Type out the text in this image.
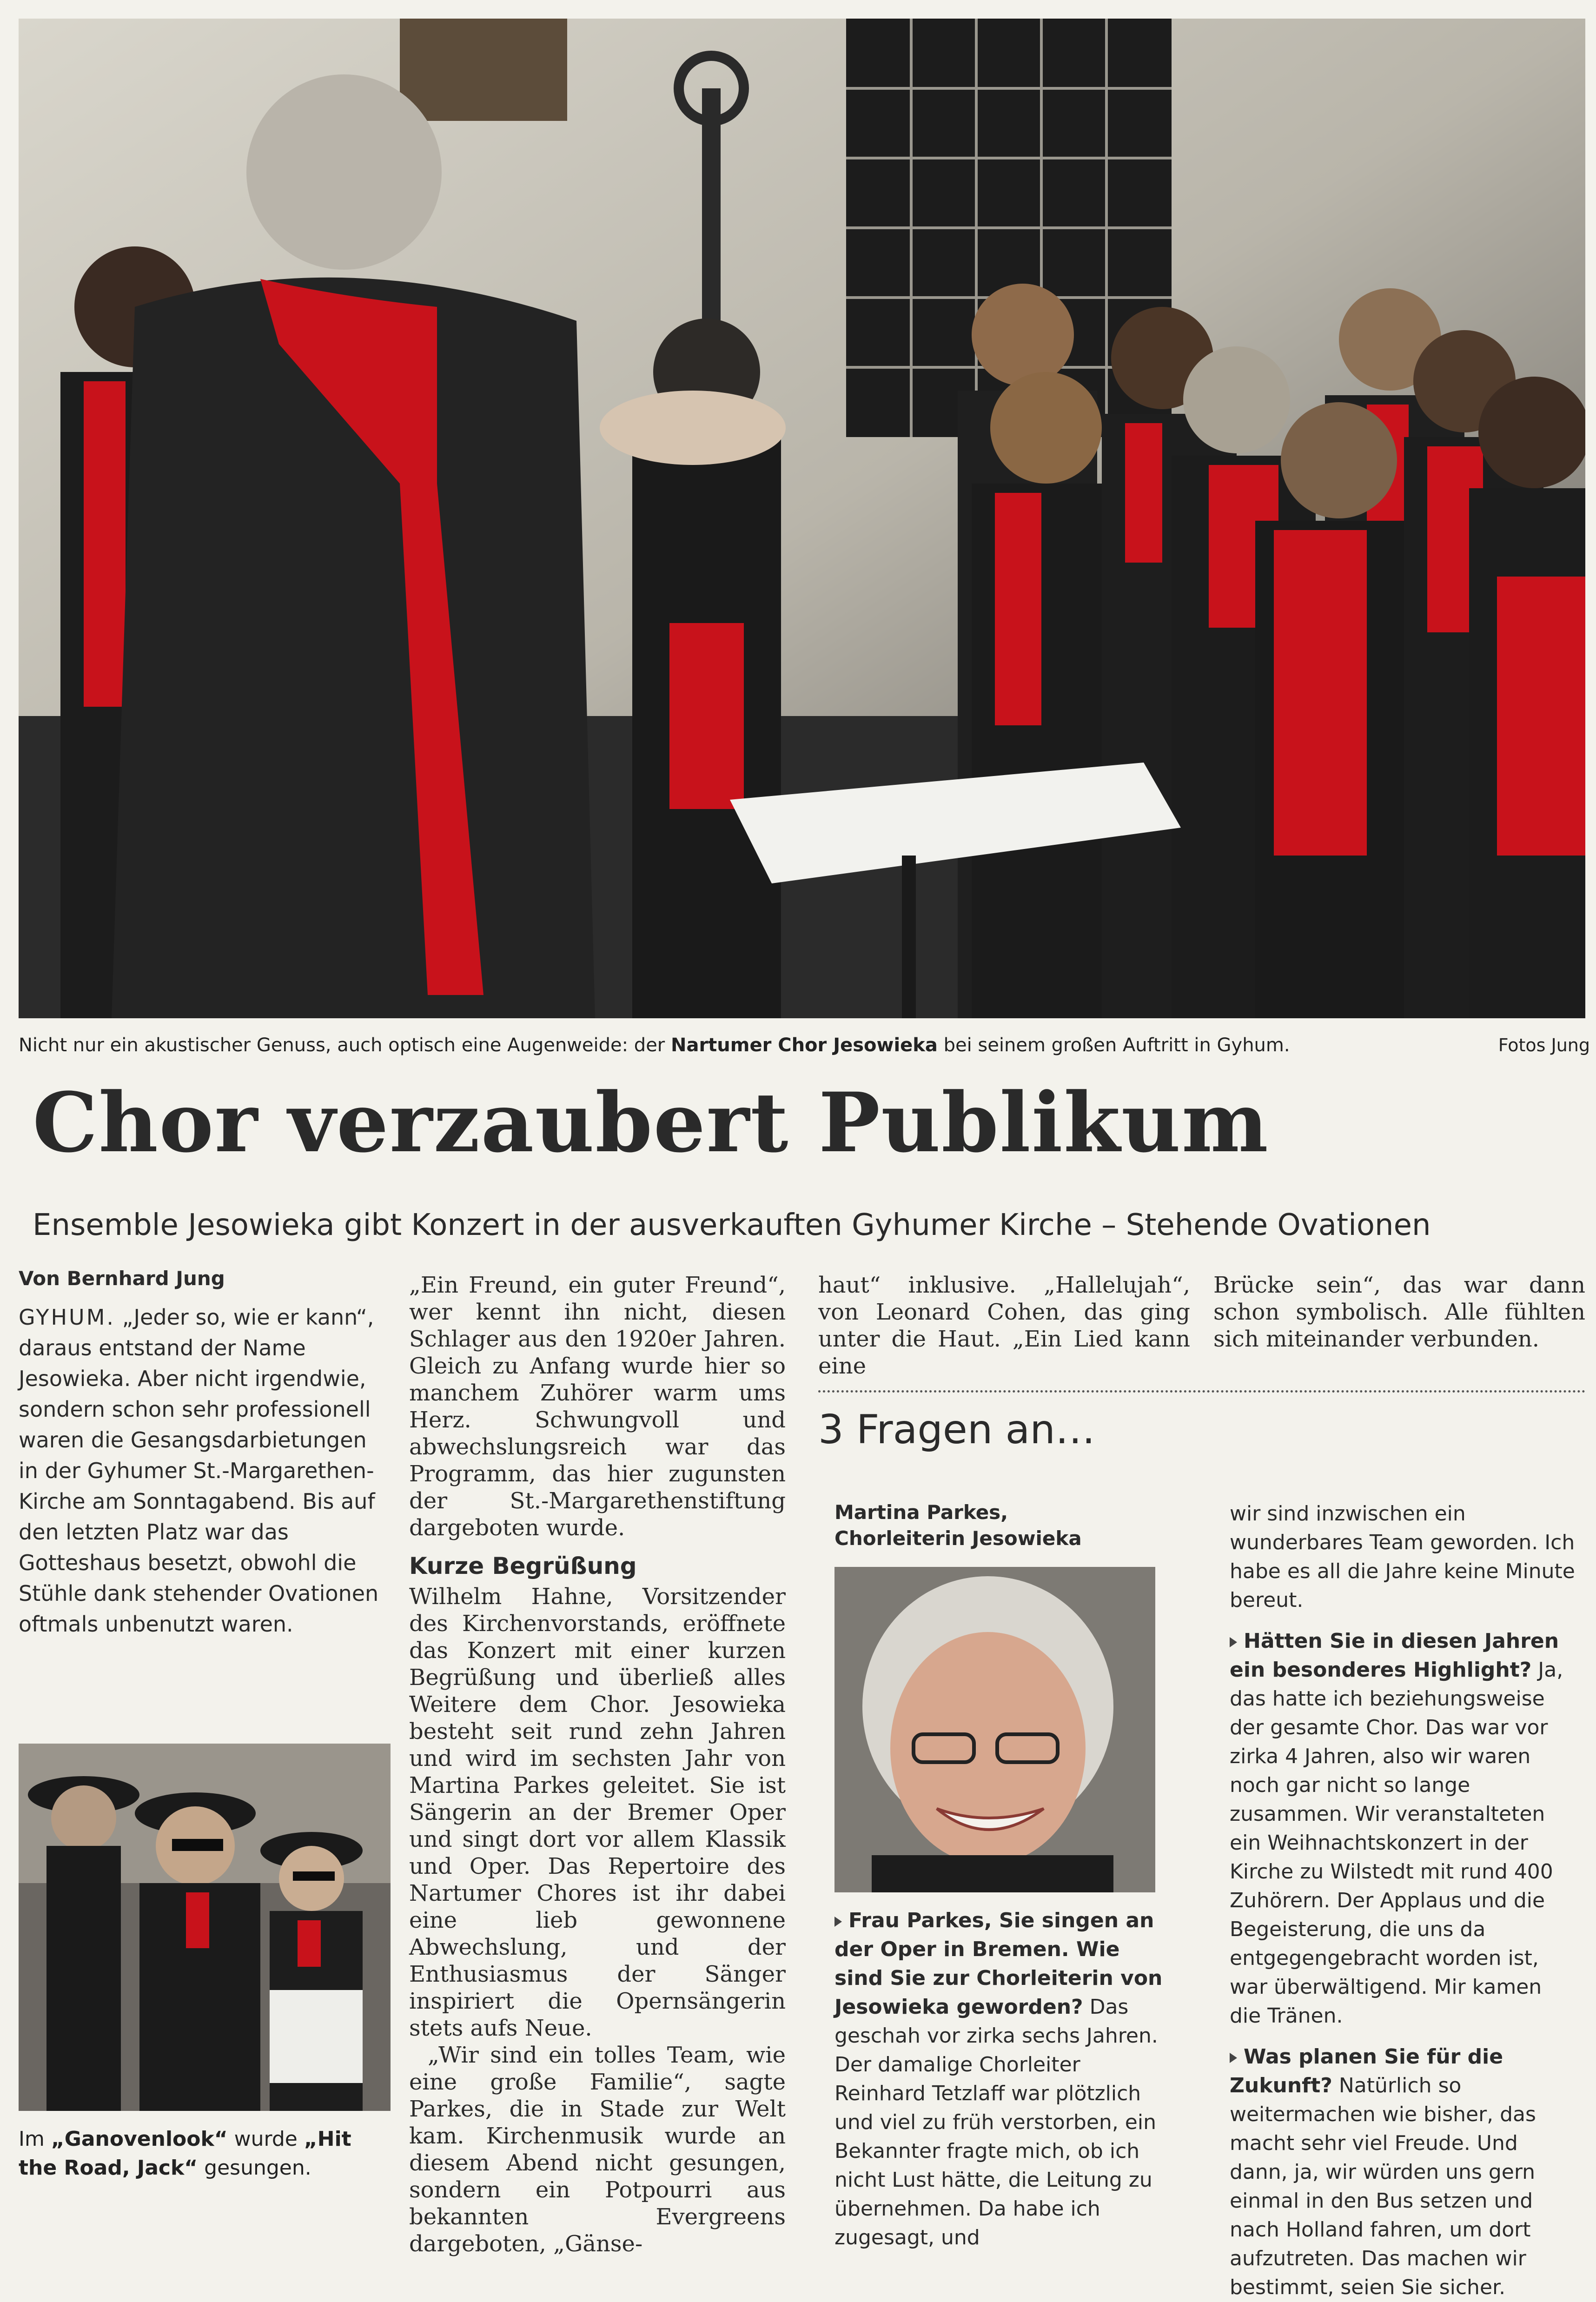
Nicht nur ein akustischer Genuss, auch optisch eine Augenweide: der Nartumer Chor Jesowieka bei seinem großen Auftritt in Gyhum.	Fotos Jung
Chor verzaubert Publikum
Ensemble Jesowieka gibt Konzert in der ausverkauften Gyhumer Kirche – Stehende Ovationen
Von Bernhard Jung

GYHUM. „Jeder so, wie er kann“, daraus entstand der Name Jesowieka. Aber nicht irgendwie, sondern schon sehr professionell waren die Gesangsdarbietungen in der Gyhumer St.-Margarethen-Kirche am Sonntagabend. Bis auf den letzten Platz war das Gotteshaus besetzt, obwohl die Stühle dank stehender Ovationen oftmals unbenutzt waren.

Im „Ganovenlook“ wurde „Hit the Road, Jack“ gesungen.

„Ein Freund, ein guter Freund“, wer kennt ihn nicht, diesen Schlager aus den 1920er Jahren. Gleich zu Anfang wurde hier so manchem Zuhörer warm ums Herz. Schwungvoll und abwechslungsreich war das Programm, das hier zugunsten der St.-Margarethenstiftung dargeboten wurde.

Kurze Begrüßung

Wilhelm Hahne, Vorsitzender des Kirchenvorstands, eröffnete das Konzert mit einer kurzen Begrüßung und überließ alles Weitere dem Chor. Jesowieka besteht seit rund zehn Jahren und wird im sechsten Jahr von Martina Parkes geleitet. Sie ist Sängerin an der Bremer Oper und singt dort vor allem Klassik und Oper. Das Repertoire des Nartumer Chores ist ihr dabei eine lieb gewonnene Abwechslung, und der Enthusiasmus der Sänger inspiriert die Opernsängerin stets aufs Neue.

„Wir sind ein tolles Team, wie eine große Familie“, sagte Parkes, die in Stade zur Welt kam. Kirchenmusik wurde an diesem Abend nicht gesungen, sondern ein Potpourri aus bekannten Evergreens dargeboten, „Gänse-

haut“ inklusive. „Hallelujah“, von Leonard Cohen, das ging unter die Haut. „Ein Lied kann eine

Brücke sein“, das war dann schon symbolisch. Alle fühlten sich miteinander verbunden.

3 Fragen an…
Martina Parkes,
Chorleiterin Jesowieka

Frau Parkes, Sie singen an der Oper in Bremen. Wie sind Sie zur Chorleiterin von Jesowieka geworden? Das geschah vor zirka sechs Jahren. Der damalige Chorleiter Reinhard Tetzlaff war plötzlich und viel zu früh verstorben, ein Bekannter fragte mich, ob ich nicht Lust hätte, die Leitung zu übernehmen. Da habe ich zugesagt, und

wir sind inzwischen ein wunderbares Team geworden. Ich habe es all die Jahre keine Minute bereut.

Hätten Sie in diesen Jahren ein besonderes Highlight? Ja, das hatte ich beziehungsweise der gesamte Chor. Das war vor zirka 4 Jahren, also wir waren noch gar nicht so lange zusammen. Wir veranstalteten ein Weihnachtskonzert in der Kirche zu Wilstedt mit rund 400 Zuhörern. Der Applaus und die Begeisterung, die uns da entgegengebracht worden ist, war überwältigend. Mir kamen die Tränen.

Was planen Sie für die Zukunft? Natürlich so weitermachen wie bisher, das macht sehr viel Freude. Und dann, ja, wir würden uns gern einmal in den Bus setzen und nach Holland fahren, um dort aufzutreten. Das machen wir bestimmt, seien Sie sicher.
